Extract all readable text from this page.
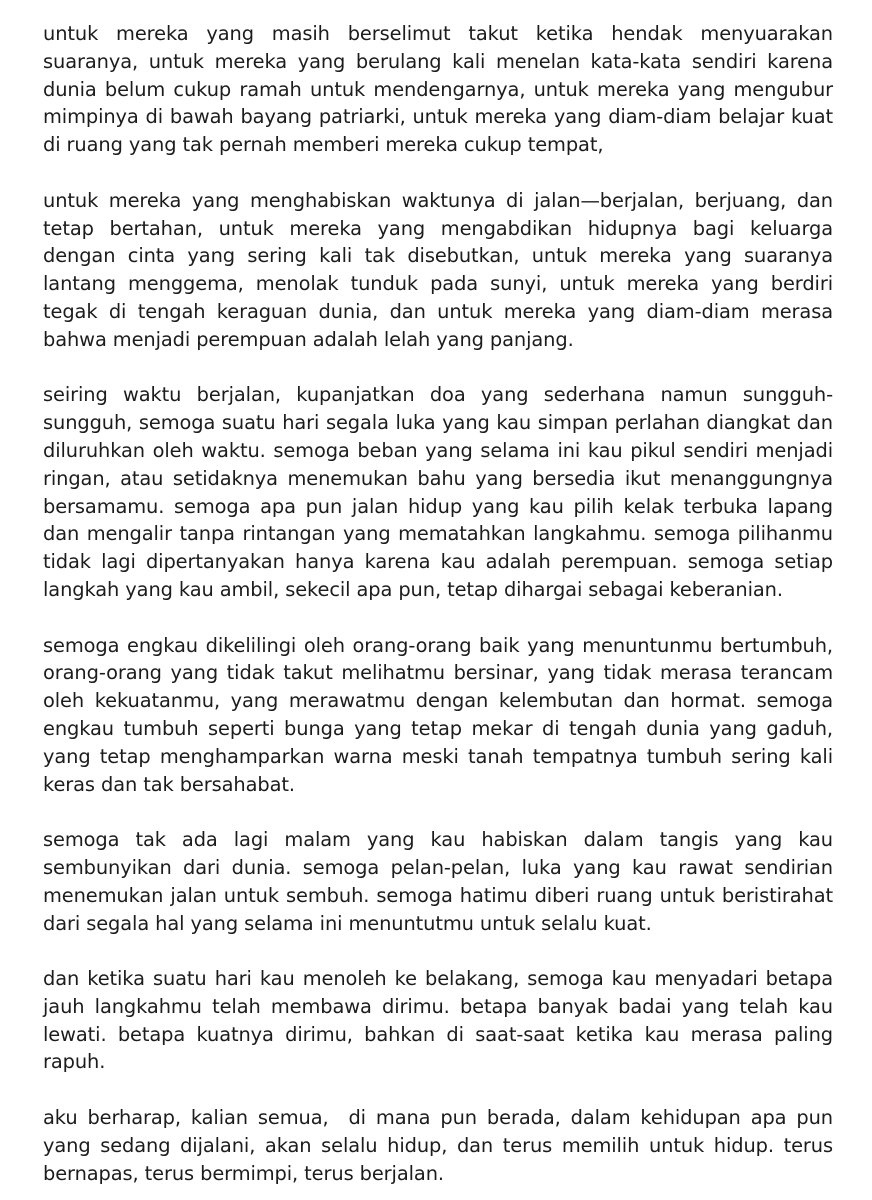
untuk mereka yang masih berselimut takut ketika hendak menyuarakan suaranya, untuk mereka yang berulang kali menelan kata-kata sendiri karena dunia belum cukup ramah untuk mendengarnya, untuk mereka yang mengubur mimpinya di bawah bayang patriarki, untuk mereka yang diam-diam belajar kuat di ruang yang tak pernah memberi mereka cukup tempat,

untuk mereka yang menghabiskan waktunya di jalan—berjalan, berjuang, dan tetap bertahan, untuk mereka yang mengabdikan hidupnya bagi keluarga dengan cinta yang sering kali tak disebutkan, untuk mereka yang suaranya lantang menggema, menolak tunduk pada sunyi, untuk mereka yang berdiri tegak di tengah keraguan dunia, dan untuk mereka yang diam-diam merasa bahwa menjadi perempuan adalah lelah yang panjang.

seiring waktu berjalan, kupanjatkan doa yang sederhana namun sungguh-sungguh, semoga suatu hari segala luka yang kau simpan perlahan diangkat dan diluruhkan oleh waktu. semoga beban yang selama ini kau pikul sendiri menjadi ringan, atau setidaknya menemukan bahu yang bersedia ikut menanggungnya bersamamu. semoga apa pun jalan hidup yang kau pilih kelak terbuka lapang dan mengalir tanpa rintangan yang mematahkan langkahmu. semoga pilihanmu tidak lagi dipertanyakan hanya karena kau adalah perempuan. semoga setiap langkah yang kau ambil, sekecil apa pun, tetap dihargai sebagai keberanian.

semoga engkau dikelilingi oleh orang-orang baik yang menuntunmu bertumbuh, orang-orang yang tidak takut melihatmu bersinar, yang tidak merasa terancam oleh kekuatanmu, yang merawatmu dengan kelembutan dan hormat. semoga engkau tumbuh seperti bunga yang tetap mekar di tengah dunia yang gaduh, yang tetap menghamparkan warna meski tanah tempatnya tumbuh sering kali keras dan tak bersahabat.

semoga tak ada lagi malam yang kau habiskan dalam tangis yang kau sembunyikan dari dunia. semoga pelan-pelan, luka yang kau rawat sendirian menemukan jalan untuk sembuh. semoga hatimu diberi ruang untuk beristirahat dari segala hal yang selama ini menuntutmu untuk selalu kuat.

dan ketika suatu hari kau menoleh ke belakang, semoga kau menyadari betapa jauh langkahmu telah membawa dirimu. betapa banyak badai yang telah kau lewati. betapa kuatnya dirimu, bahkan di saat-saat ketika kau merasa paling rapuh.

aku berharap, kalian semua,  di mana pun berada, dalam kehidupan apa pun yang sedang dijalani, akan selalu hidup, dan terus memilih untuk hidup. terus bernapas, terus bermimpi, terus berjalan.
